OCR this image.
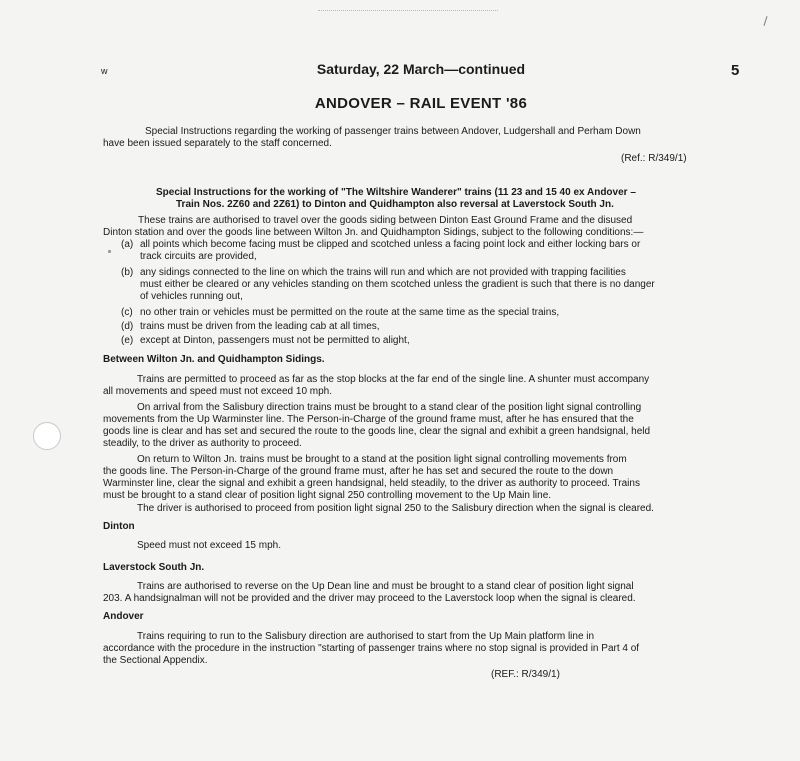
w	Saturday, 22 March—continued	5
ANDOVER – RAIL EVENT '86
Special Instructions regarding the working of passenger trains between Andover, Ludgershall and Perham Down
have been issued separately to the staff concerned.
(Ref.: R/349/1)
Special Instructions for the working of "The Wiltshire Wanderer" trains (11 23 and 15 40 ex Andover –
Train Nos. 2Z60 and 2Z61) to Dinton and Quidhampton also reversal at Laverstock South Jn.
These trains are authorised to travel over the goods siding between Dinton East Ground Frame and the disused
Dinton station and over the goods line between Wilton Jn. and Quidhampton Sidings, subject to the following conditions:—
(a) all points which become facing must be clipped and scotched unless a facing point lock and either locking bars or
track circuits are provided,
(b) any sidings connected to the line on which the trains will run and which are not provided with trapping facilities
must either be cleared or any vehicles standing on them scotched unless the gradient is such that there is no danger
of vehicles running out,
(c) no other train or vehicles must be permitted on the route at the same time as the special trains,
(d) trains must be driven from the leading cab at all times,
(e) except at Dinton, passengers must not be permitted to alight,
Between Wilton Jn. and Quidhampton Sidings.
Trains are permitted to proceed as far as the stop blocks at the far end of the single line. A shunter must accompany
all movements and speed must not exceed 10 mph.
On arrival from the Salisbury direction trains must be brought to a stand clear of the position light signal controlling
movements from the Up Warminster line. The Person-in-Charge of the ground frame must, after he has ensured that the
goods line is clear and has set and secured the route to the goods line, clear the signal and exhibit a green handsignal, held
steadily, to the driver as authority to proceed.
On return to Wilton Jn. trains must be brought to a stand at the position light signal controlling movements from
the goods line. The Person-in-Charge of the ground frame must, after he has set and secured the route to the down
Warminster line, clear the signal and exhibit a green handsignal, held steadily, to the driver as authority to proceed. Trains
must be brought to a stand clear of position light signal 250 controlling movement to the Up Main line.
The driver is authorised to proceed from position light signal 250 to the Salisbury direction when the signal is cleared.
Dinton
Speed must not exceed 15 mph.
Laverstock South Jn.
Trains are authorised to reverse on the Up Dean line and must be brought to a stand clear of position light signal
203. A handsignalman will not be provided and the driver may proceed to the Laverstock loop when the signal is cleared.
Andover
Trains requiring to run to the Salisbury direction are authorised to start from the Up Main platform line in
accordance with the procedure in the instruction "starting of passenger trains where no stop signal is provided in Part 4 of
the Sectional Appendix.
(REF.: R/349/1)
